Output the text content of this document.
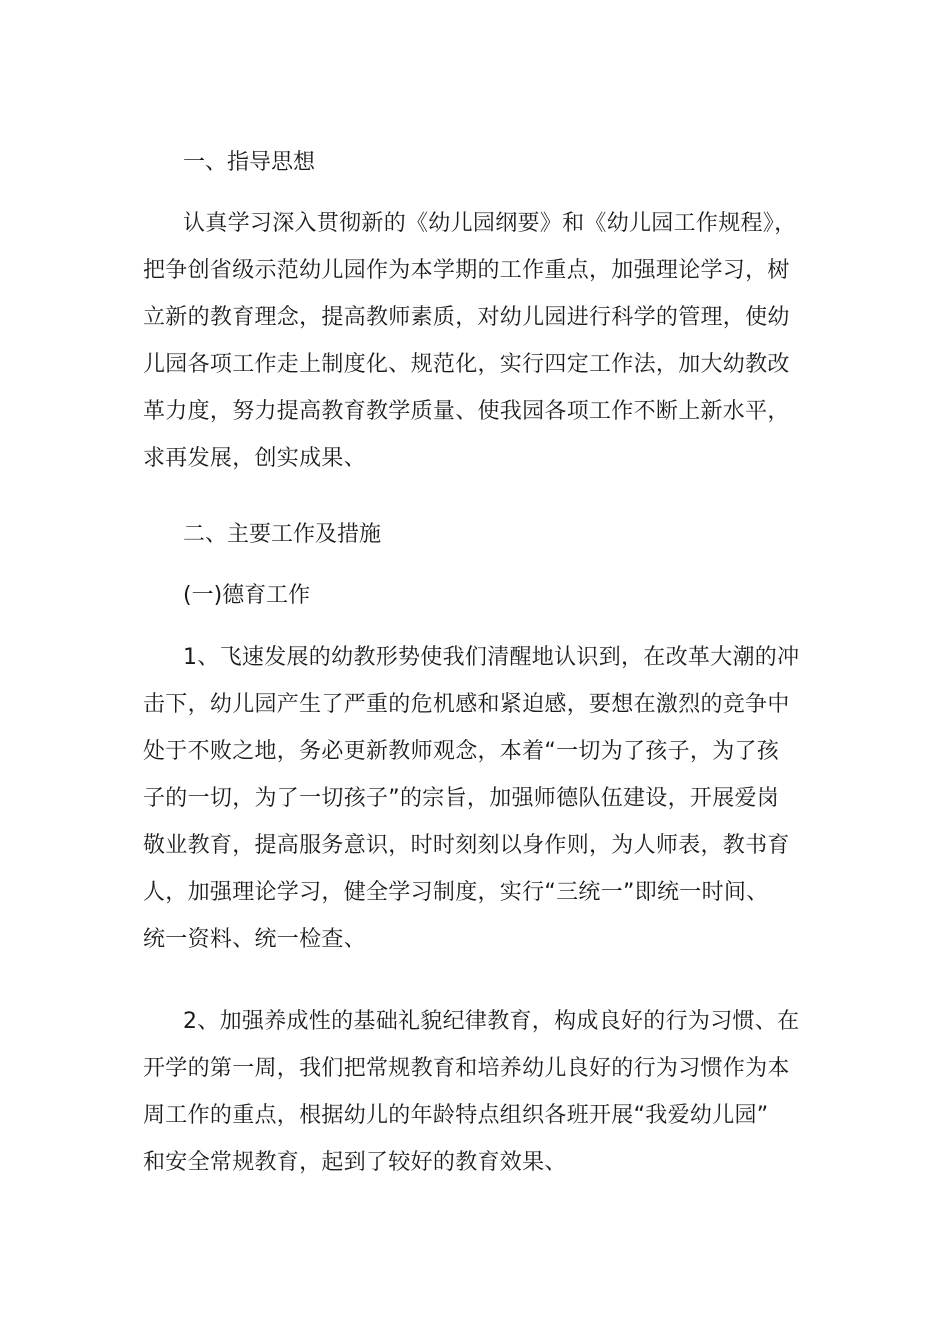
一、指导思想
认真学习深入贯彻新的《幼儿园纲要》和《幼儿园工作规程》，
把争创省级示范幼儿园作为本学期的工作重点，加强理论学习，树
立新的教育理念，提高教师素质，对幼儿园进行科学的管理，使幼
儿园各项工作走上制度化、规范化，实行四定工作法，加大幼教改
革力度，努力提高教育教学质量、使我园各项工作不断上新水平，
求再发展，创实成果、
二、主要工作及措施
(一)德育工作
1、飞速发展的幼教形势使我们清醒地认识到，在改革大潮的冲
击下，幼儿园产生了严重的危机感和紧迫感，要想在激烈的竞争中
处于不败之地，务必更新教师观念，本着“一切为了孩子，为了孩
子的一切，为了一切孩子”的宗旨，加强师德队伍建设，开展爱岗
敬业教育，提高服务意识，时时刻刻以身作则，为人师表，教书育
人，加强理论学习，健全学习制度，实行“三统一”即统一时间、
统一资料、统一检查、
2、加强养成性的基础礼貌纪律教育，构成良好的行为习惯、在
开学的第一周，我们把常规教育和培养幼儿良好的行为习惯作为本
周工作的重点，根据幼儿的年龄特点组织各班开展“我爱幼儿园”
和安全常规教育，起到了较好的教育效果、
